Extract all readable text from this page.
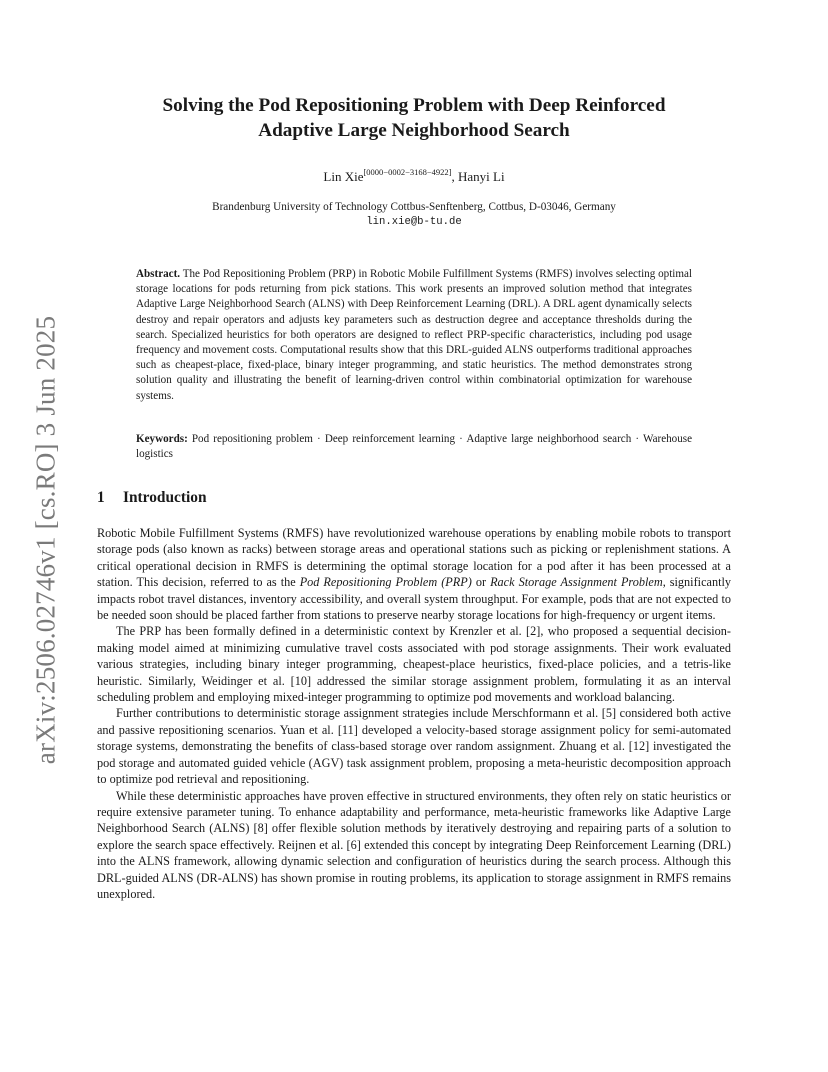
arXiv:2506.02746v1 [cs.RO] 3 Jun 2025
Solving the Pod Repositioning Problem with Deep Reinforced
Adaptive Large Neighborhood Search
Lin Xie[0000−0002−3168−4922], Hanyi Li
Brandenburg University of Technology Cottbus-Senftenberg, Cottbus, D-03046, Germany
lin.xie@b-tu.de
Abstract. The Pod Repositioning Problem (PRP) in Robotic Mobile Fulfillment Systems (RMFS) involves selecting optimal storage locations for pods returning from pick stations. This work presents an improved solution method that integrates Adaptive Large Neighborhood Search (ALNS) with Deep Reinforcement Learning (DRL). A DRL agent dynamically selects destroy and repair operators and adjusts key parameters such as destruction degree and acceptance thresholds during the search. Specialized heuristics for both operators are designed to reflect PRP-specific characteristics, including pod usage frequency and movement costs. Computational results show that this DRL-guided ALNS outperforms traditional approaches such as cheapest-place, fixed-place, binary integer programming, and static heuristics. The method demonstrates strong solution quality and illustrating the benefit of learning-driven control within combinatorial optimization for warehouse systems.
Keywords: Pod repositioning problem · Deep reinforcement learning · Adaptive large neighborhood search · Warehouse logistics
1 Introduction

Robotic Mobile Fulfillment Systems (RMFS) have revolutionized warehouse operations by enabling mobile robots to transport storage pods (also known as racks) between storage areas and operational stations such as picking or replenishment stations. A critical operational decision in RMFS is determining the optimal storage location for a pod after it has been processed at a station. This decision, referred to as the Pod Repositioning Problem (PRP) or Rack Storage Assignment Problem, significantly impacts robot travel distances, inventory accessibility, and overall system throughput. For example, pods that are not expected to be needed soon should be placed farther from stations to preserve nearby storage locations for high-frequency or urgent items.

The PRP has been formally defined in a deterministic context by Krenzler et al. [2], who proposed a sequential decision-making model aimed at minimizing cumulative travel costs associated with pod storage assignments. Their work evaluated various strategies, including binary integer programming, cheapest-place heuristics, fixed-place policies, and a tetris-like heuristic. Similarly, Weidinger et al. [10] addressed the similar storage assignment problem, formulating it as an interval scheduling problem and employing mixed-integer programming to optimize pod movements and workload balancing.

Further contributions to deterministic storage assignment strategies include Merschformann et al. [5] considered both active and passive repositioning scenarios. Yuan et al. [11] developed a velocity-based storage assignment policy for semi-automated storage systems, demonstrating the benefits of class-based storage over random assignment. Zhuang et al. [12] investigated the pod storage and automated guided vehicle (AGV) task assignment problem, proposing a meta-heuristic decomposition approach to optimize pod retrieval and repositioning.

While these deterministic approaches have proven effective in structured environments, they often rely on static heuristics or require extensive parameter tuning. To enhance adaptability and performance, meta-heuristic frameworks like Adaptive Large Neighborhood Search (ALNS) [8] offer flexible solution methods by iteratively destroying and repairing parts of a solution to explore the search space effectively. Reijnen et al. [6] extended this concept by integrating Deep Reinforcement Learning (DRL) into the ALNS framework, allowing dynamic selection and configuration of heuristics during the search process. Although this DRL-guided ALNS (DR-ALNS) has shown promise in routing problems, its application to storage assignment in RMFS remains unexplored.
